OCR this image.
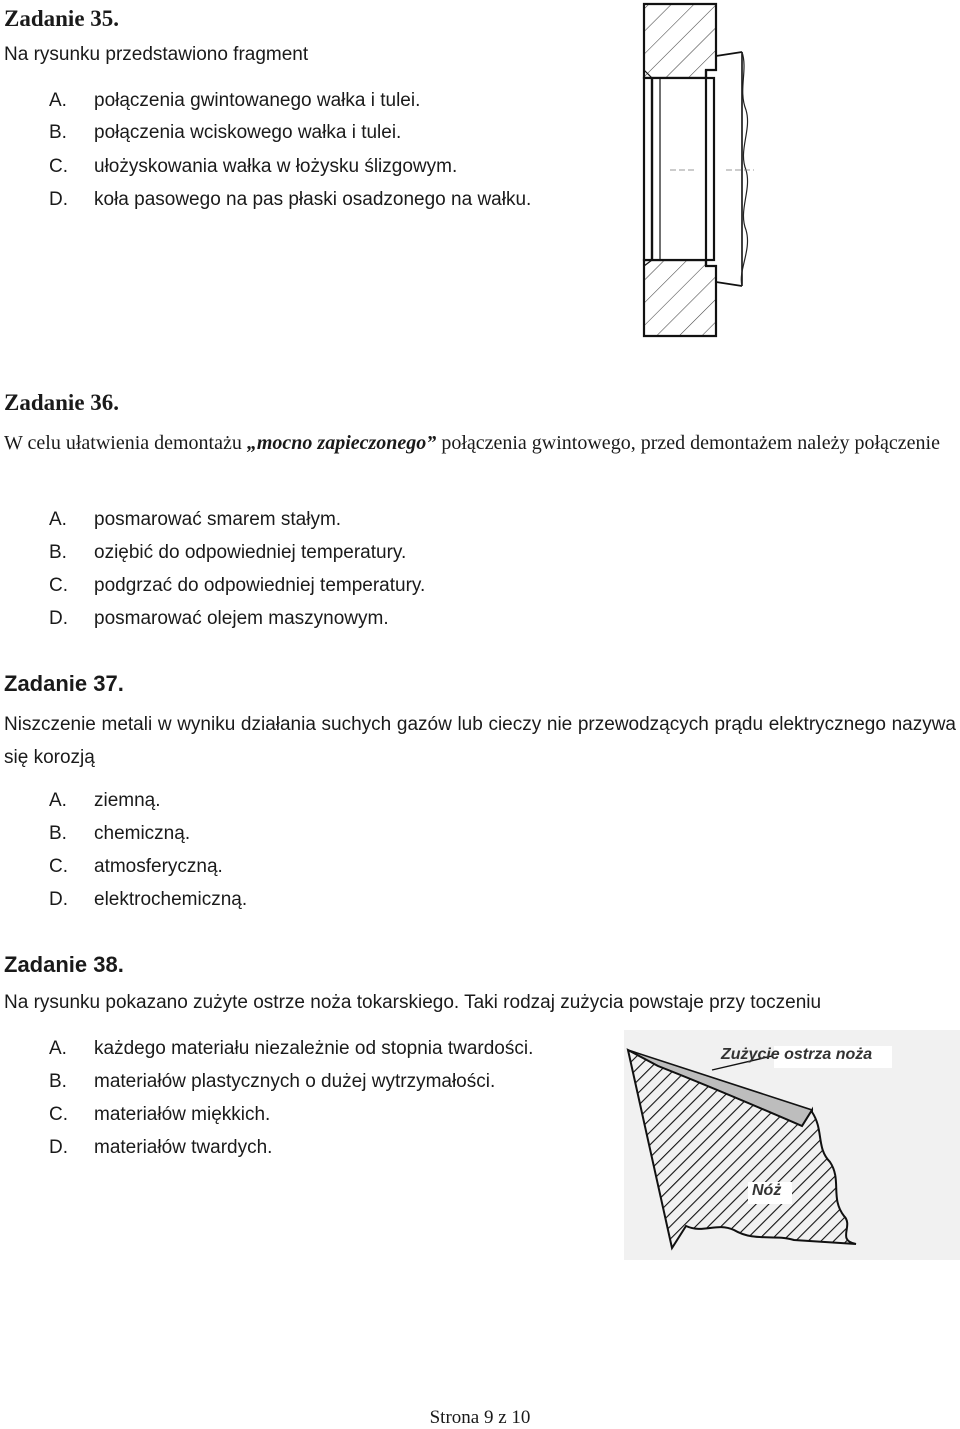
Zadanie 35.
Na rysunku przedstawiono fragment
A. połączenia gwintowanego wałka i tulei.
B. połączenia wciskowego wałka i tulei.
C. ułożyskowania wałka w łożysku ślizgowym.
D. koła pasowego na pas płaski osadzonego na wałku.
Zadanie 36.
W celu ułatwienia demontażu „mocno zapieczonego” połączenia gwintowego, przed demontażem należy połączenie
A. posmarować smarem stałym.
B. oziębić do odpowiedniej temperatury.
C. podgrzać do odpowiedniej temperatury.
D. posmarować olejem maszynowym.
Zadanie 37.
Niszczenie metali w wyniku działania suchych gazów lub cieczy nie przewodzących prądu elektrycznego nazywa się korozją
A. ziemną.
B. chemiczną.
C. atmosferyczną.
D. elektrochemiczną.
Zadanie 38.
Na rysunku pokazano zużyte ostrze noża tokarskiego. Taki rodzaj zużycia powstaje przy toczeniu
A. każdego materiału niezależnie od stopnia twardości.
B. materiałów plastycznych o dużej wytrzymałości.
C. materiałów miękkich.
D. materiałów twardych.
Zużycie ostrza noża
Nóż
Strona 9 z 10
